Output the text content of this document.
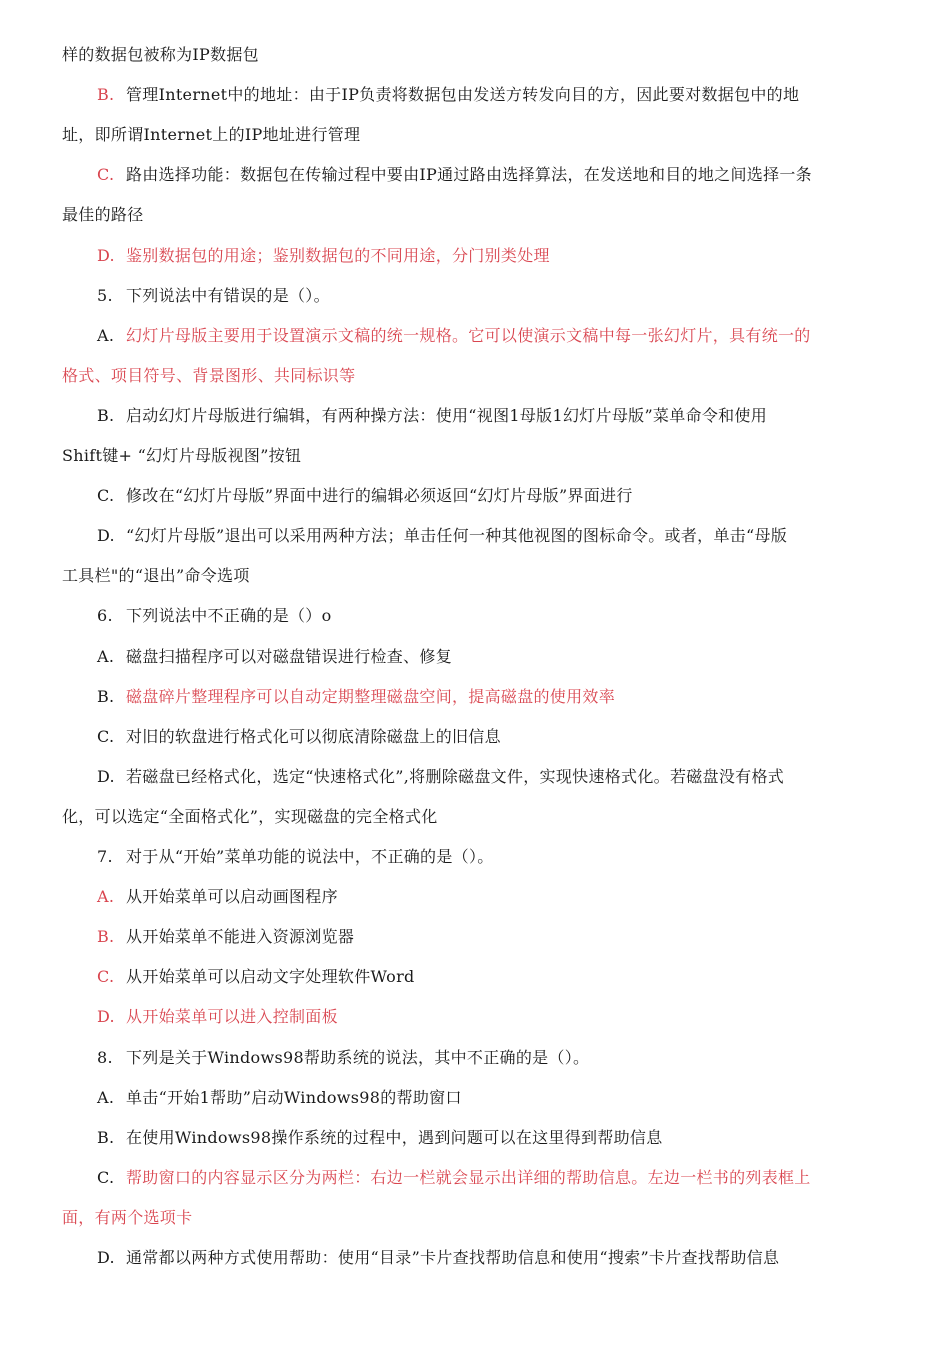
样的数据包被称为IP数据包
B. 管理Internet中的地址：由于IP负责将数据包由发送方转发向目的方，因此要对数据包中的地
址，即所谓Internet上的IP地址进行管理
C. 路由选择功能：数据包在传输过程中要由IP通过路由选择算法，在发送地和目的地之间选择一条
最佳的路径
D. 鉴别数据包的用途；鉴别数据包的不同用途，分门别类处理
5. 下列说法中有错误的是（）。
A. 幻灯片母版主要用于设置演示文稿的统一规格。它可以使演示文稿中每一张幻灯片，具有统一的
格式、项目符号、背景图形、共同标识等
B. 启动幻灯片母版进行编辑，有两种操方法：使用“视图1母版1幻灯片母版”菜单命令和使用
Shift键+ “幻灯片母版视图”按钮
C. 修改在“幻灯片母版”界面中进行的编辑必须返回“幻灯片母版”界面进行
D. “幻灯片母版”退出可以采用两种方法；单击任何一种其他视图的图标命令。或者，单击“母版
工具栏"的“退出”命令选项
6. 下列说法中不正确的是（）o
A. 磁盘扫描程序可以对磁盘错误进行检查、修复
B. 磁盘碎片整理程序可以自动定期整理磁盘空间，提高磁盘的使用效率
C. 对旧的软盘进行格式化可以彻底清除磁盘上的旧信息
D. 若磁盘已经格式化，选定“快速格式化”,将删除磁盘文件，实现快速格式化。若磁盘没有格式
化，可以选定“全面格式化”，实现磁盘的完全格式化
7. 对于从“开始”菜单功能的说法中，不正确的是（）。
A. 从开始菜单可以启动画图程序
B. 从开始菜单不能进入资源浏览器
C. 从开始菜单可以启动文字处理软件Word
D. 从开始菜单可以进入控制面板
8. 下列是关于Windows98帮助系统的说法，其中不正确的是（）。
A. 单击“开始1帮助”启动Windows98的帮助窗口
B. 在使用Windows98操作系统的过程中，遇到问题可以在这里得到帮助信息
C. 帮助窗口的内容显示区分为两栏：右边一栏就会显示出详细的帮助信息。左边一栏书的列表框上
面，有两个选项卡
D. 通常都以两种方式使用帮助：使用“目录”卡片查找帮助信息和使用“搜索”卡片查找帮助信息
